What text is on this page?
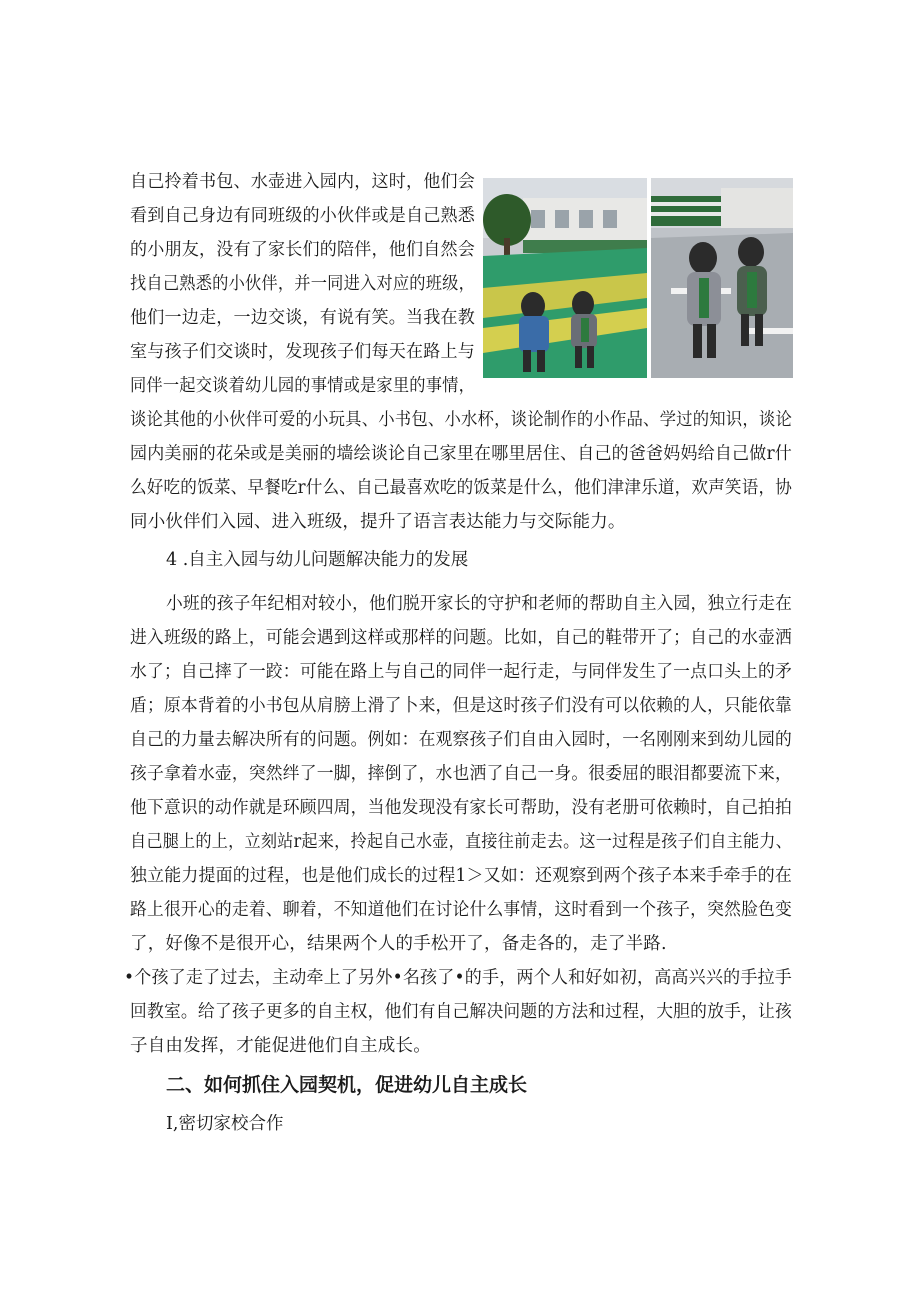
自己拎着书包、水壶进入园内，这时，他们会
看到自己身边有同班级的小伙伴或是自己熟悉
的小朋友，没有了家长们的陪伴，他们自然会
找自己熟悉的小伙伴，并一同进入对应的班级，
他们一边走，一边交谈，有说有笑。当我在教
室与孩子们交谈时，发现孩子们每天在路上与
同伴一起交谈着幼儿园的事情或是家里的事情，
谈论其他的小伙伴可爱的小玩具、小书包、小水杯，谈论制作的小作品、学过的知识，谈论
园内美丽的花朵或是美丽的墙绘谈论自己家里在哪里居住、自己的爸爸妈妈给自己做r什
么好吃的饭菜、早餐吃r什么、自己最喜欢吃的饭菜是什么，他们津津乐道，欢声笑语，协
同小伙伴们入园、进入班级，提升了语言表达能力与交际能力。
4 .自主入园与幼儿问题解决能力的发展
小班的孩子年纪相对较小，他们脱开家长的守护和老师的帮助自主入园，独立行走在
进入班级的路上，可能会遇到这样或那样的问题。比如，自己的鞋带开了；自己的水壶洒
水了；自己摔了一跤：可能在路上与自己的同伴一起行走，与同伴发生了一点口头上的矛
盾；原本背着的小书包从肩膀上滑了卜来，但是这时孩子们没有可以依赖的人，只能依靠
自己的力量去解决所有的问题。例如：在观察孩子们自由入园时，一名刚刚来到幼儿园的
孩子拿着水壶，突然绊了一脚，摔倒了，水也洒了自己一身。很委屈的眼泪都要流下来，
他下意识的动作就是环顾四周，当他发现没有家长可帮助，没有老册可依赖时，自己拍拍
自己腿上的上，立刻站r起来，拎起自己水壶，直接往前走去。这一过程是孩子们自主能力、
独立能力提面的过程，也是他们成长的过程1＞又如：还观察到两个孩子本来手牵手的在
路上很开心的走着、聊着，不知道他们在讨论什么事情，这时看到一个孩子，突然脸色变
了，好像不是很开心，结果两个人的手松开了，备走各的，走了半路.
•个孩了走了过去，主动牵上了另外•名孩了•的手，两个人和好如初，高高兴兴的手拉手
回教室。给了孩子更多的自主权，他们有自己解决问题的方法和过程，大胆的放手，让孩
子自由发挥，才能促进他们自主成长。
二、如何抓住入园契机，促进幼儿自主成长
I,密切家校合作
